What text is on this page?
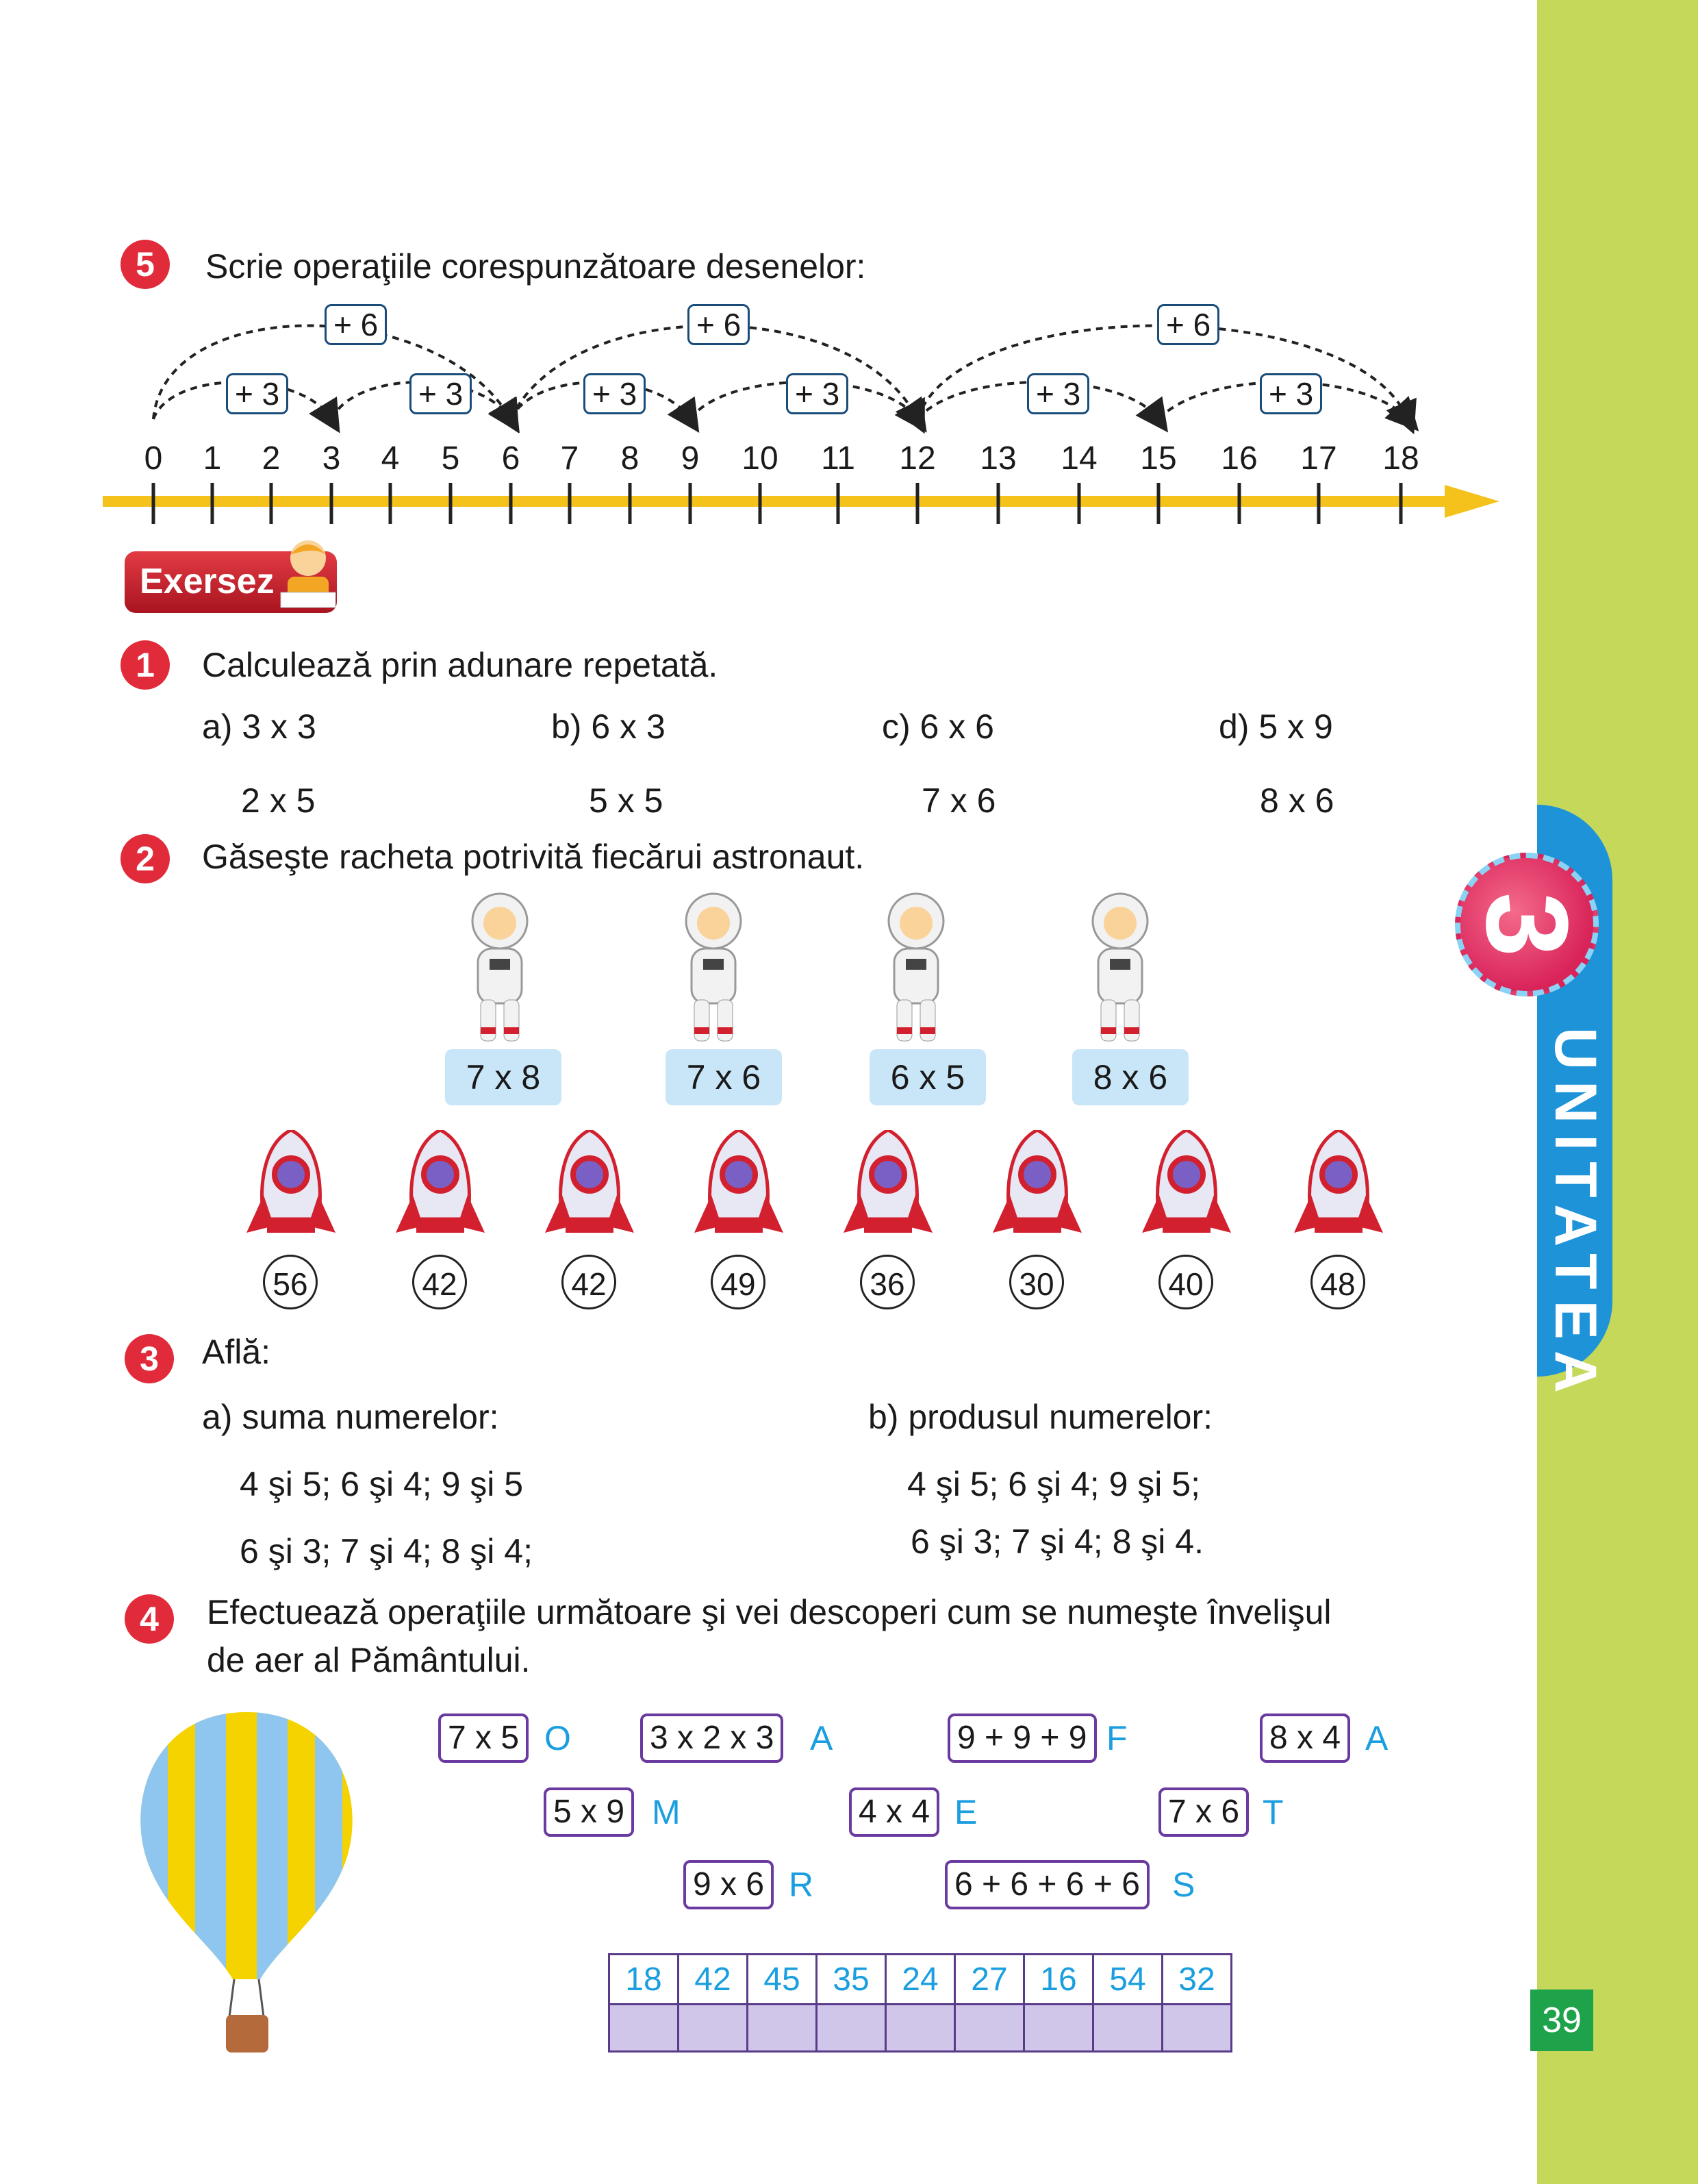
3
UNITATEA
39
5	Scrie operaţiile corespunzătoare desenelor:
+ 6	+ 6	+ 6
+ 3	+ 3	+ 3	+ 3	+ 3	+ 3
0	1	2	3	4	5	6	7	8	9	10	11	12 13 14 15 16 17 18
Exersez
1	Calculează prin adunare repetată.
a) 3 x 3	b) 6 x 3	c) 6 x 6	d) 5 x 9
2 x 5	5 x 5	7 x 6	8 x 6
2	Găseşte racheta potrivită fiecărui astronaut.
7 x 8	7 x 6	6 x 5	8 x 6
56	42	42	49	36	30	40	48
3	Află:
a) suma numerelor:
4 şi 5; 6 şi 4; 9 şi 5
6 şi 3; 7 şi 4; 8 şi 4;
b) produsul numerelor:
4 şi 5; 6 şi 4; 9 şi 5;
6 şi 3; 7 şi 4; 8 şi 4.
4	Efectuează operaţiile următoare şi vei descoperi cum se numeşte învelişul
de aer al Pământului.
7 x 5 O 3 x 2 x 3 A	9 + 9 + 9 F	8 x 4 A
5 x 9 M	4 x 4 E	7 x 6 T
9 x 6 R	6 + 6 + 6 + 6 S
18	42	45	35	24	27	16	54	32
